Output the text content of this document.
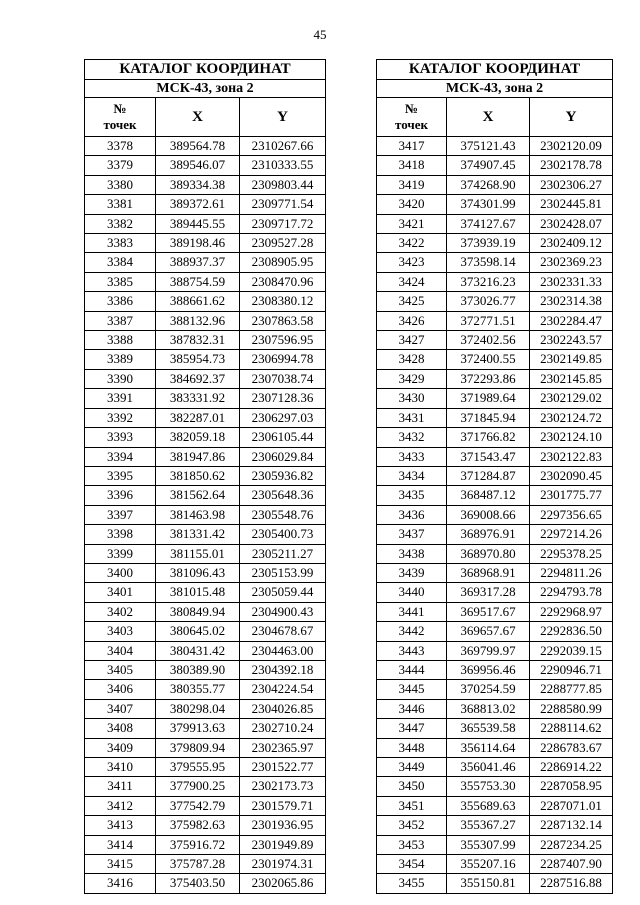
45
КАТАЛОГ КООРДИНАТ		
МСК-43, зона 2		
№
точек	X	Y
3378	389564.78	2310267.66
3379	389546.07	2310333.55
3380	389334.38	2309803.44
3381	389372.61	2309771.54
3382	389445.55	2309717.72
3383	389198.46	2309527.28
3384	388937.37	2308905.95
3385	388754.59	2308470.96
3386	388661.62	2308380.12
3387	388132.96	2307863.58
3388	387832.31	2307596.95
3389	385954.73	2306994.78
3390	384692.37	2307038.74
3391	383331.92	2307128.36
3392	382287.01	2306297.03
3393	382059.18	2306105.44
3394	381947.86	2306029.84
3395	381850.62	2305936.82
3396	381562.64	2305648.36
3397	381463.98	2305548.76
3398	381331.42	2305400.73
3399	381155.01	2305211.27
3400	381096.43	2305153.99
3401	381015.48	2305059.44
3402	380849.94	2304900.43
3403	380645.02	2304678.67
3404	380431.42	2304463.00
3405	380389.90	2304392.18
3406	380355.77	2304224.54
3407	380298.04	2304026.85
3408	379913.63	2302710.24
3409	379809.94	2302365.97
3410	379555.95	2301522.77
3411	377900.25	2302173.73
3412	377542.79	2301579.71
3413	375982.63	2301936.95
3414	375916.72	2301949.89
3415	375787.28	2301974.31
3416	375403.50	2302065.86
КАТАЛОГ КООРДИНАТ		
МСК-43, зона 2		
№
точек	X	Y
3417	375121.43	2302120.09
3418	374907.45	2302178.78
3419	374268.90	2302306.27
3420	374301.99	2302445.81
3421	374127.67	2302428.07
3422	373939.19	2302409.12
3423	373598.14	2302369.23
3424	373216.23	2302331.33
3425	373026.77	2302314.38
3426	372771.51	2302284.47
3427	372402.56	2302243.57
3428	372400.55	2302149.85
3429	372293.86	2302145.85
3430	371989.64	2302129.02
3431	371845.94	2302124.72
3432	371766.82	2302124.10
3433	371543.47	2302122.83
3434	371284.87	2302090.45
3435	368487.12	2301775.77
3436	369008.66	2297356.65
3437	368976.91	2297214.26
3438	368970.80	2295378.25
3439	368968.91	2294811.26
3440	369317.28	2294793.78
3441	369517.67	2292968.97
3442	369657.67	2292836.50
3443	369799.97	2292039.15
3444	369956.46	2290946.71
3445	370254.59	2288777.85
3446	368813.02	2288580.99
3447	365539.58	2288114.62
3448	356114.64	2286783.67
3449	356041.46	2286914.22
3450	355753.30	2287058.95
3451	355689.63	2287071.01
3452	355367.27	2287132.14
3453	355307.99	2287234.25
3454	355207.16	2287407.90
3455	355150.81	2287516.88
